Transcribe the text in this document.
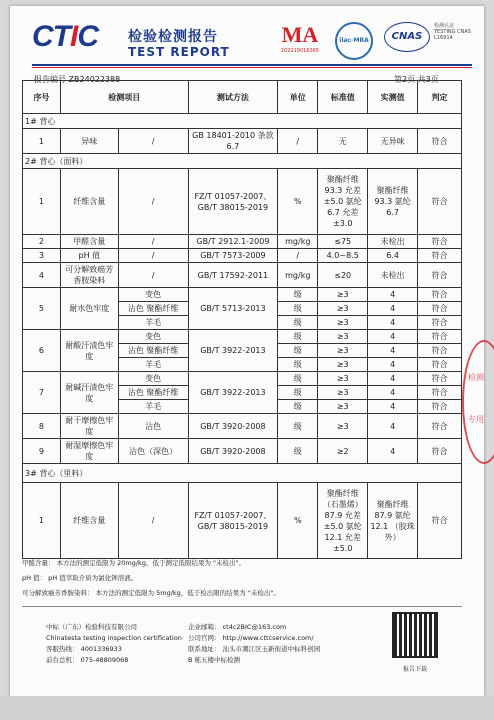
CTIC 检验检测报告
TEST REPORT
MA
202219016365
ilac-MRA	CNAS
检测认证
TESTING CNAS L16914
报告编号 ZB24022388	第2页 共3页
序号	检测项目		测试方法	单位	标准值	实测值	判定
1# 背心							
1	异味	/	GB 18401-2010 条款 6.7	/	无	无异味	符合
2# 背心（面料）							
1	纤维含量	/	FZ/T 01057-2007、GB/T 38015-2019	%	聚酯纤维 93.3 允差±5.0 氨纶 6.7 允差±3.0	聚酯纤维 93.3 氨纶 6.7	符合
2	甲醛含量	/	GB/T 2912.1-2009	mg/kg	≤75	未检出	符合
3	pH 值	/	GB/T 7573-2009	/	4.0~8.5	6.4	符合
4	可分解致癌芳香胺染料	/	GB/T 17592-2011	mg/kg	≤20	未检出	符合
5	耐水色牢度	变色	GB/T 5713-2013	级	≥3	4	符合
		沾色 聚酯纤维		级	≥3	4	符合
		羊毛		级	≥3	4	符合
6	耐酸汗渍色牢度	变色	GB/T 3922-2013	级	≥3	4	符合
		沾色 聚酯纤维		级	≥3	4	符合
		羊毛		级	≥3	4	符合
7	耐碱汗渍色牢度	变色	GB/T 3922-2013	级	≥3	4	符合
		沾色 聚酯纤维		级	≥3	4	符合
		羊毛		级	≥3	4	符合
8	耐干摩擦色牢度	沾色	GB/T 3920-2008	级	≥3	4	符合
9	耐湿摩擦色牢度	沾色（深色）	GB/T 3920-2008	级	≥2	4	符合
3# 背心（里料）							
1	纤维含量	/	FZ/T 01057-2007、GB/T 38015-2019	%	聚酯纤维（石墨烯） 87.9 允差±5.0 氨纶 12.1 允差±5.0	聚酯纤维 87.9 氨纶 12.1 （胶珠外）	符合
甲醛含量： 本方法的测定低限为 20mg/kg，低于测定低限结果为 "未检出"。
pH 值： pH 值萃取介质为氯化钾溶液。
可分解致癌芳香胺染料： 本方法的测定低限为 5mg/kg，低于检出限的结果为 "未检出"。
中标（广东）检验科技有限公司
Chinatesta testing inspection certification
客服热线： 4001336933
前台总机： 075-48809068
企业邮箱： ct4c2BIC@163.com
公司官网： http://www.cttcservice.com/
联系地址： 汕头市潮江区玉新街道中标科创园
B 栋五楼中标检测
报告下载
检测
专用
